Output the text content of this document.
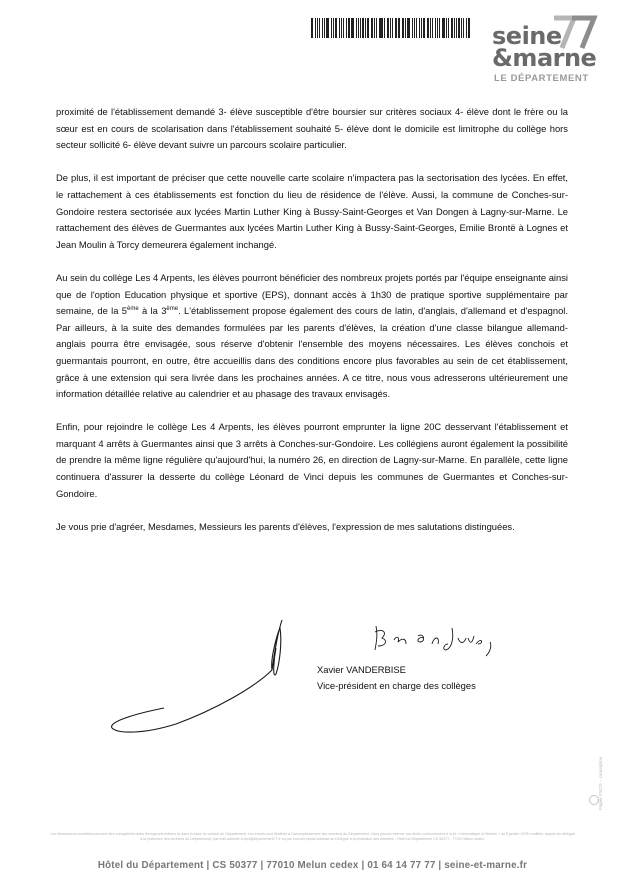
seine
&marne
LE DÉPARTEMENT

proximité de l'établissement demandé 3- élève susceptible d'être boursier sur critères sociaux 4- élève dont le frère ou la sœur est en cours de scolarisation dans l'établissement souhaité 5- élève dont le domicile est limitrophe du collège hors secteur sollicité 6- élève devant suivre un parcours scolaire particulier.

De plus, il est important de préciser que cette nouvelle carte scolaire n'impactera pas la sectorisation des lycées. En effet, le rattachement à ces établissements est fonction du lieu de résidence de l'élève. Aussi, la commune de Conches-sur-Gondoire restera sectorisée aux lycées Martin Luther King à Bussy-Saint-Georges et Van Dongen à Lagny-sur-Marne. Le rattachement des élèves de Guermantes aux lycées Martin Luther King à Bussy-Saint-Georges, Emilie Brontë à Lognes et Jean Moulin à Torcy demeurera également inchangé.

Au sein du collège Les 4 Arpents, les élèves pourront bénéficier des nombreux projets portés par l'équipe enseignante ainsi que de l'option Education physique et sportive (EPS), donnant accès à 1h30 de pratique sportive supplémentaire par semaine, de la 5ème à la 3ème. L'établissement propose également des cours de latin, d'anglais, d'allemand et d'espagnol. Par ailleurs, à la suite des demandes formulées par les parents d'élèves, la création d'une classe bilangue allemand-anglais pourra être envisagée, sous réserve d'obtenir l'ensemble des moyens nécessaires. Les élèves conchois et guermantais pourront, en outre, être accueillis dans des conditions encore plus favorables au sein de cet établissement, grâce à une extension qui sera livrée dans les prochaines années. A ce titre, nous vous adresserons ultérieurement une information détaillée relative au calendrier et au phasage des travaux envisagés.

Enfin, pour rejoindre le collège Les 4 Arpents, les élèves pourront emprunter la ligne 20C desservant l'établissement et marquant 4 arrêts à Guermantes ainsi que 3 arrêts à Conches-sur-Gondoire. Les collégiens auront également la possibilité de prendre la même ligne régulière qu'aujourd'hui, la numéro 26, en direction de Lagny-sur-Marne. En parallèle, cette ligne continuera d'assurer la desserte du collège Léonard de Vinci depuis les communes de Guermantes et Conches-sur-Gondoire.

Je vous prie d'agréer, Mesdames, Messieurs les parents d'élèves, l'expression de mes salutations distinguées.

Xavier VANDERBISE
Vice-président en charge des collèges
Papier FSC® – conception
Les informations recueillies peuvent être enregistrées dans les logiciels métiers et dans la base de contact du Département. Les envois sont destinés à l'accomplissement des missions du Département. Vous pouvez exercer vos droits conformément à la loi « Informatique et libertés » du 6 janvier 1978 modifiée, auprès du délégué à la protection des données du Département, par mail adressé à dpo@departement77.fr ou par courrier postal adressé au Délégué à la protection des données - Hôtel du Département CS 50377 - 77010 Melun cedex.
Hôtel du Département | CS 50377 | 77010 Melun cedex | 01 64 14 77 77 | seine-et-marne.fr
